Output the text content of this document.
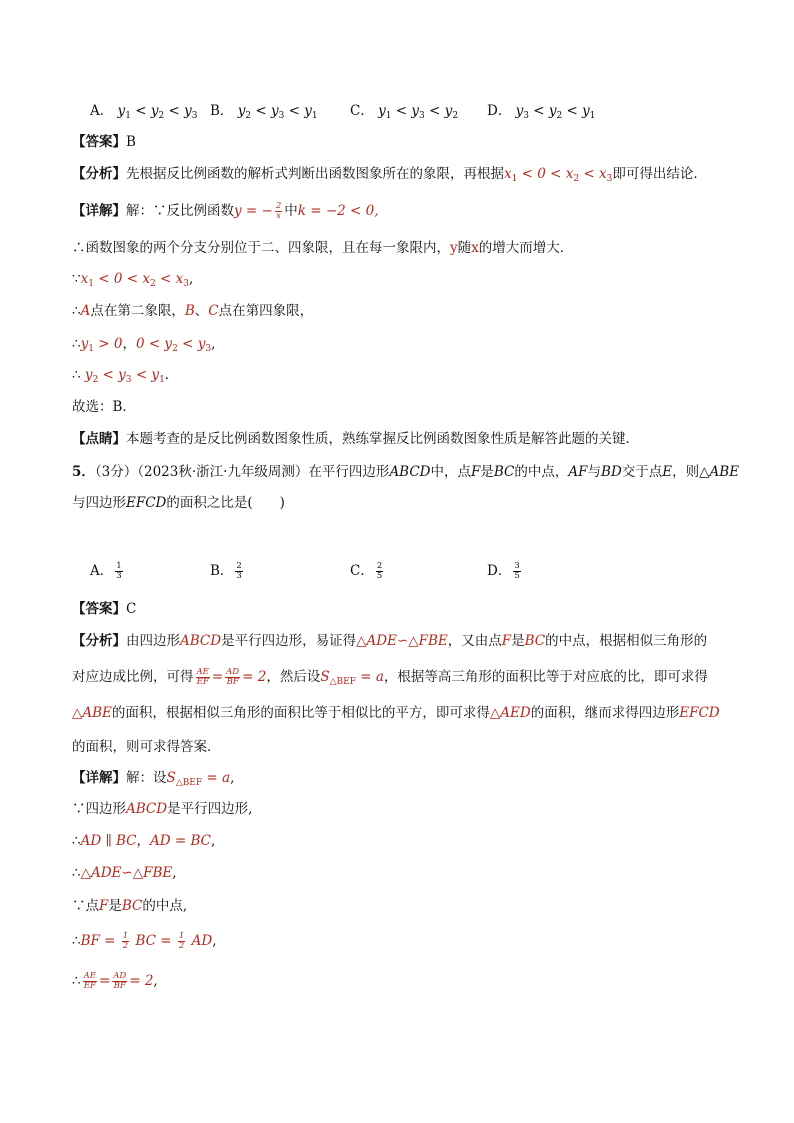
A． $y_1 < y_2 < y_3$ B． $y_2 < y_3 < y_1$ C． $y_1 < y_3 < y_2$ D． $y_3 < y_2 < y_1$
【答案】B
【分析】先根据反比例函数的解析式判断出函数图象所在的象限，再根据$x_1 < 0 < x_2 < x_3$即可得出结论．
【详解】解：∵反比例函数y = − $\frac{2}{x}$ 中k = −2 < 0,
∴函数图象的两个分支分别位于二、四象限，且在每一象限内，y随x的增大而增大．
$\because x_1 < 0 < x_2 < x_3$,
∴A点在第二象限，B、C点在第四象限，
$\therefore y_1 > 0$，$0 < y_2 < y_3$,
∴ $y_2 < y_3 < y_1$．
故选：B．
【点睛】本题考查的是反比例函数图象性质，熟练掌握反比例函数图象性质是解答此题的关键．
5．（3分）（2023秋·浙江·九年级周测）在平行四边形ABCD中，点F是BC的中点，AF与BD交于点E，则△ABE
与四边形EFCD的面积之比是(　　)
A． $\frac{1}{3}$	B． $\frac{2}{3}$	C． $\frac{2}{5}$	D． $\frac{3}{5}$
【答案】C
【分析】由四边形ABCD是平行四边形，易证得△ADE∽△FBE，又由点F是BC的中点，根据相似三角形的
对应边成比例，可得 $\frac{AE}{EF} = \frac{AD}{BF} = 2$，然后设$S_{\triangle BEF} = a$，根据等高三角形的面积比等于对应底的比，即可求得
△ABE的面积，根据相似三角形的面积比等于相似比的平方，即可求得△AED的面积，继而求得四边形EFCD
的面积，则可求得答案．
【详解】解：设$S_{\triangle BEF} = a$,
∵四边形ABCD是平行四边形,
∴AD ∥ BC，AD = BC,
∴△ADE∽△FBE,
∵点F是BC的中点,
∴BF = $\frac{1}{2}$ BC = $\frac{1}{2}$ AD,
∴ $\frac{AE}{EF} = \frac{AD}{BF} = 2$,
